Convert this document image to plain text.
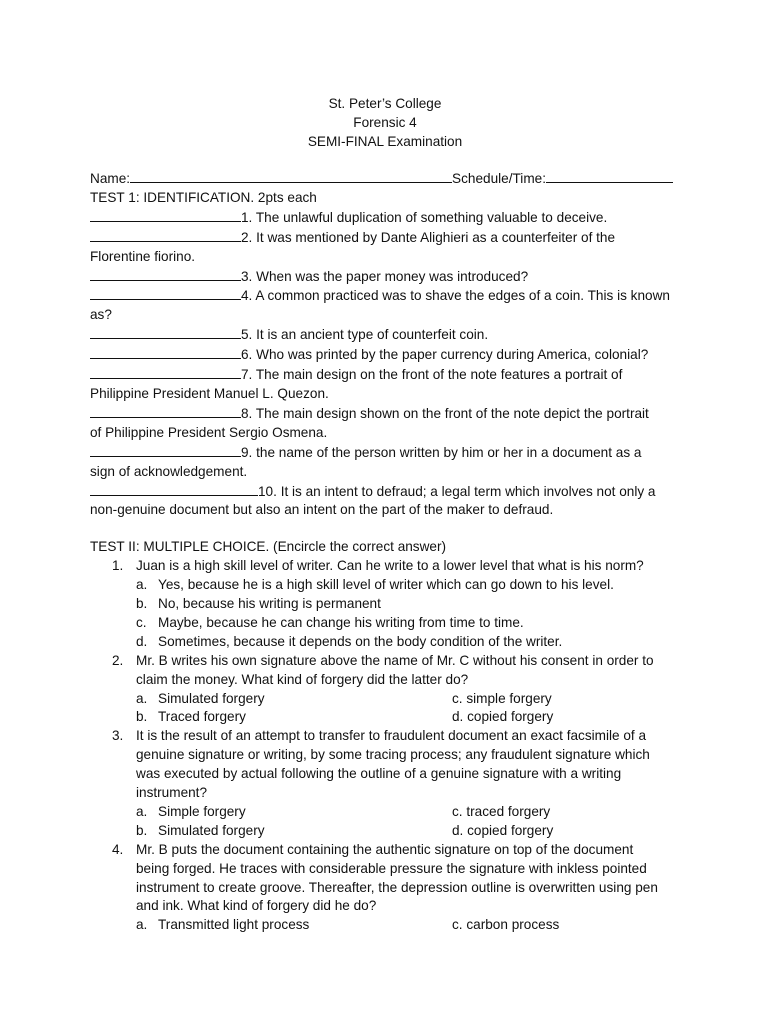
St. Peter’s College
Forensic 4
SEMI-FINAL Examination
Name:	Schedule/Time:
TEST 1: IDENTIFICATION. 2pts each
1. The unlawful duplication of something valuable to deceive.
2. It was mentioned by Dante Alighieri as a counterfeiter of the
Florentine fiorino.
3. When was the paper money was introduced?
4. A common practiced was to shave the edges of a coin. This is known
as?
5. It is an ancient type of counterfeit coin.
6. Who was printed by the paper currency during America, colonial?
7. The main design on the front of the note features a portrait of
Philippine President Manuel L. Quezon.
8. The main design shown on the front of the note depict the portrait
of Philippine President Sergio Osmena.
9. the name of the person written by him or her in a document as a
sign of acknowledgement.
10. It is an intent to defraud; a legal term which involves not only a
non-genuine document but also an intent on the part of the maker to defraud.
TEST II: MULTIPLE CHOICE. (Encircle the correct answer)
1. Juan is a high skill level of writer. Can he write to a lower level that what is his norm?
a. Yes, because he is a high skill level of writer which can go down to his level.
b. No, because his writing is permanent
c. Maybe, because he can change his writing from time to time.
d. Sometimes, because it depends on the body condition of the writer.
2. Mr. B writes his own signature above the name of Mr. C without his consent in order to
claim the money. What kind of forgery did the latter do?
a. Simulated forgery	c. simple forgery
b. Traced forgery	d. copied forgery
3. It is the result of an attempt to transfer to fraudulent document an exact facsimile of a
genuine signature or writing, by some tracing process; any fraudulent signature which
was executed by actual following the outline of a genuine signature with a writing
instrument?
a. Simple forgery	c. traced forgery
b. Simulated forgery	d. copied forgery
4. Mr. B puts the document containing the authentic signature on top of the document
being forged. He traces with considerable pressure the signature with inkless pointed
instrument to create groove. Thereafter, the depression outline is overwritten using pen
and ink. What kind of forgery did he do?
a. Transmitted light process	c. carbon process
